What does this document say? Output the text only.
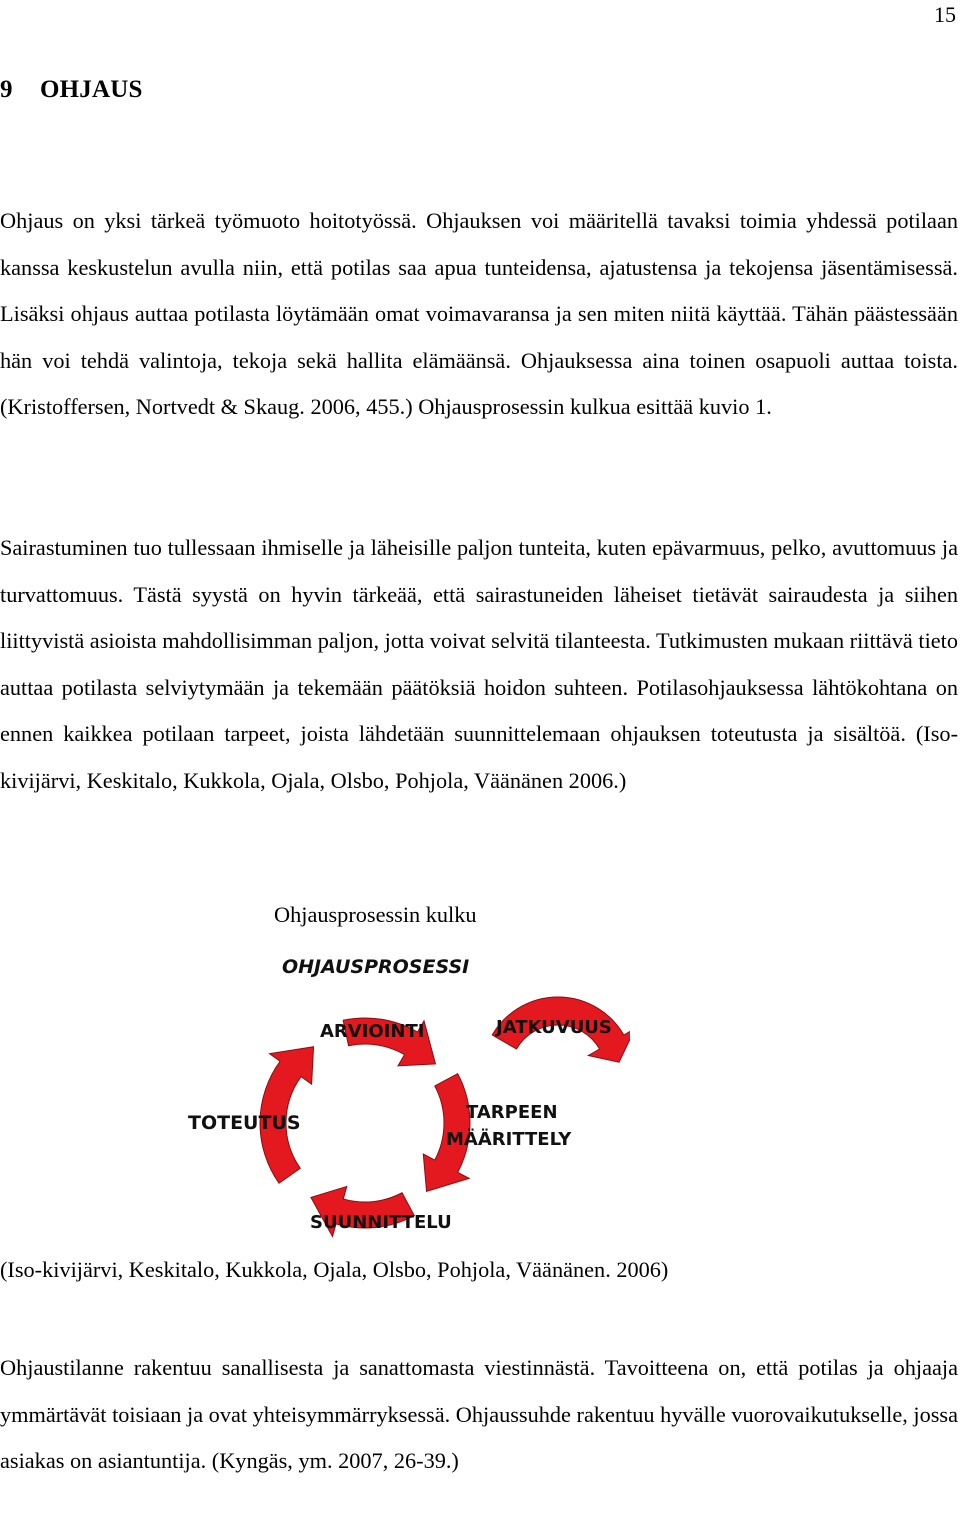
15
9 OHJAUS

Ohjaus on yksi tärkeä työmuoto hoitotyössä. Ohjauksen voi määritellä tavaksi toimia yhdessä potilaan kanssa keskustelun avulla niin, että potilas saa apua tunteidensa, ajatustensa ja tekojensa jäsentämisessä. Lisäksi ohjaus auttaa potilasta löytämään omat voimavaransa ja sen miten niitä käyttää. Tähän päästessään hän voi tehdä valintoja, tekoja sekä hallita elämäänsä. Ohjauksessa aina toinen osapuoli auttaa toista. (Kristoffersen, Nortvedt & Skaug. 2006, 455.) Ohjausprosessin kulkua esittää kuvio 1.

Sairastuminen tuo tullessaan ihmiselle ja läheisille paljon tunteita, kuten epävarmuus, pelko, avuttomuus ja turvattomuus. Tästä syystä on hyvin tärkeää, että sairastuneiden läheiset tietävät sairaudesta ja siihen liittyvistä asioista mahdollisimman paljon, jotta voivat selvitä tilanteesta. Tutkimusten mukaan riittävä tieto auttaa potilasta selviytymään ja tekemään päätöksiä hoidon suhteen. Potilasohjauksessa lähtökohtana on ennen kaikkea potilaan tarpeet, joista lähdetään suunnittelemaan ohjauksen toteutusta ja sisältöä. (Iso-kivijärvi, Keskitalo, Kukkola, Ojala, Olsbo, Pohjola, Väänänen 2006.)

Ohjausprosessin kulku
OHJAUSPROSESSI
ARVIOINTI	JATKUVUUS
TOTEUTUS	TARPEEN
MÄÄRITTELY
SUUNNITTELU
(Iso-kivijärvi, Keskitalo, Kukkola, Ojala, Olsbo, Pohjola, Väänänen. 2006)

Ohjaustilanne rakentuu sanallisesta ja sanattomasta viestinnästä. Tavoitteena on, että potilas ja ohjaaja ymmärtävät toisiaan ja ovat yhteisymmärryksessä. Ohjaussuhde rakentuu hyvälle vuorovaikutukselle, jossa asiakas on asiantuntija. (Kyngäs, ym. 2007, 26-39.)
